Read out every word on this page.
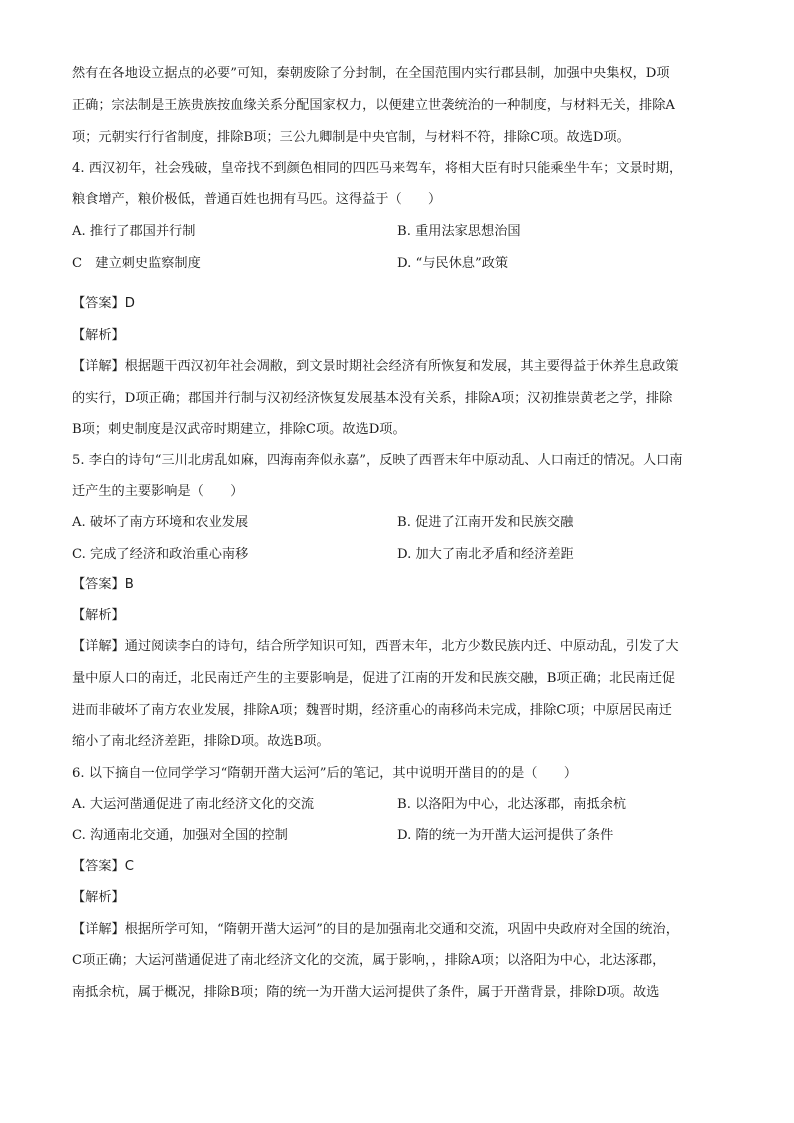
然有在各地设立据点的必要”可知，秦朝废除了分封制，在全国范围内实行郡县制，加强中央集权，D项
正确；宗法制是王族贵族按血缘关系分配国家权力，以便建立世袭统治的一种制度，与材料无关，排除A
项；元朝实行行省制度，排除B项；三公九卿制是中央官制，与材料不符，排除C项。故选D项。
4. 西汉初年，社会残破，皇帝找不到颜色相同的四匹马来驾车，将相大臣有时只能乘坐牛车；文景时期，
粮食增产，粮价极低，普通百姓也拥有马匹。这得益于（　　）
A. 推行了郡国并行制	B. 重用法家思想治国
C　建立刺史监察制度	D. “与民休息”政策
【答案】D
【解析】
【详解】根据题干西汉初年社会凋敝，到文景时期社会经济有所恢复和发展，其主要得益于休养生息政策
的实行，D项正确；郡国并行制与汉初经济恢复发展基本没有关系，排除A项；汉初推崇黄老之学，排除
B项；刺史制度是汉武帝时期建立，排除C项。故选D项。
5. 李白的诗句“三川北虏乱如麻，四海南奔似永嘉”，反映了西晋末年中原动乱、人口南迁的情况。人口南
迁产生的主要影响是（　　）
A. 破坏了南方环境和农业发展	B. 促进了江南开发和民族交融
C. 完成了经济和政治重心南移	D. 加大了南北矛盾和经济差距
【答案】B
【解析】
【详解】通过阅读李白的诗句，结合所学知识可知，西晋末年，北方少数民族内迁、中原动乱，引发了大
量中原人口的南迁，北民南迁产生的主要影响是，促进了江南的开发和民族交融，B项正确；北民南迁促
进而非破坏了南方农业发展，排除A项；魏晋时期，经济重心的南移尚未完成，排除C项；中原居民南迁
缩小了南北经济差距，排除D项。故选B项。
6. 以下摘自一位同学学习“隋朝开凿大运河”后的笔记，其中说明开凿目的的是（　　）
A. 大运河凿通促进了南北经济文化的交流	B. 以洛阳为中心，北达涿郡，南抵余杭
C. 沟通南北交通，加强对全国的控制	D. 隋的统一为开凿大运河提供了条件
【答案】C
【解析】
【详解】根据所学可知，“隋朝开凿大运河”的目的是加强南北交通和交流，巩固中央政府对全国的统治，
C项正确；大运河凿通促进了南北经济文化的交流，属于影响，，排除A项；以洛阳为中心，北达涿郡，
南抵余杭，属于概况，排除B项；隋的统一为开凿大运河提供了条件，属于开凿背景，排除D项。故选
